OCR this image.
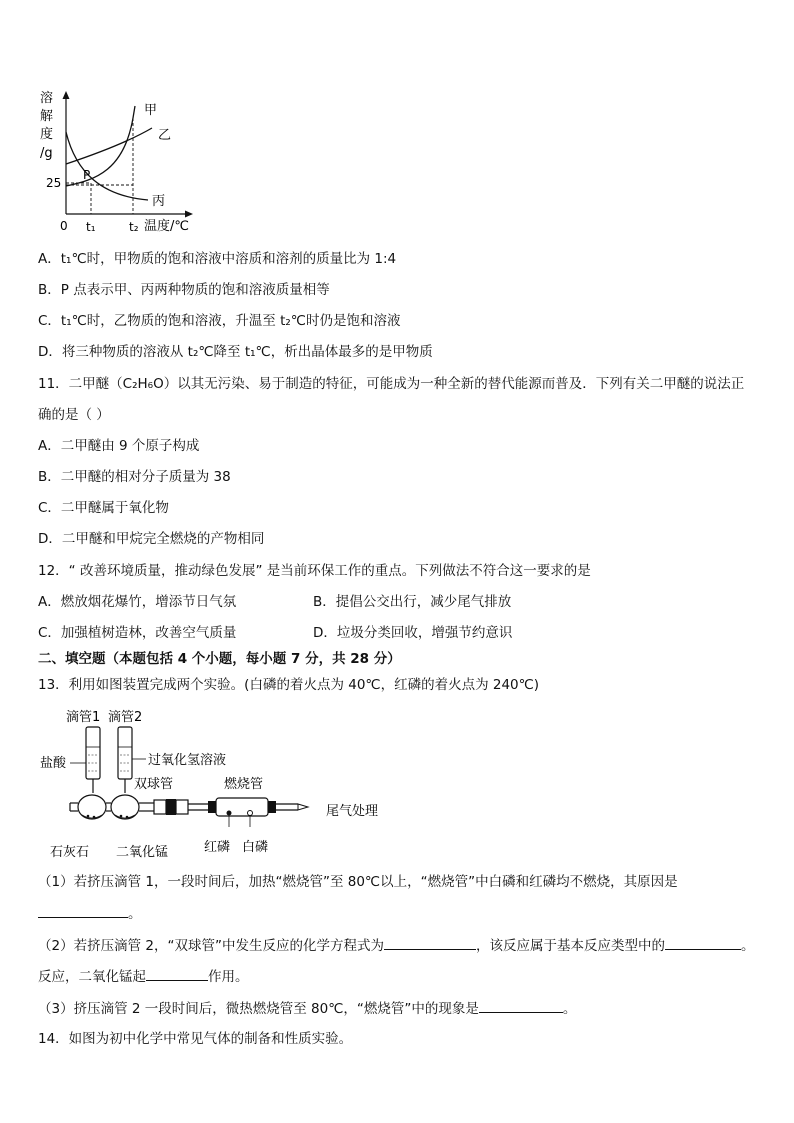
溶
解
度
/g
25
0 t₁	t₂ 温度/℃
甲
乙
丙
P
A．t₁℃时，甲物质的饱和溶液中溶质和溶剂的质量比为 1:4
B．P 点表示甲、丙两种物质的饱和溶液质量相等
C．t₁℃时，乙物质的饱和溶液，升温至 t₂℃时仍是饱和溶液
D．将三种物质的溶液从 t₂℃降至 t₁℃，析出晶体最多的是甲物质
11．二甲醚（C₂H₆O）以其无污染、易于制造的特征，可能成为一种全新的替代能源而普及．下列有关二甲醚的说法正
确的是（ ）
A．二甲醚由 9 个原子构成
B．二甲醚的相对分子质量为 38
C．二甲醚属于氧化物
D．二甲醚和甲烷完全燃烧的产物相同
12．“ 改善环境质量，推动绿色发展” 是当前环保工作的重点。下列做法不符合这一要求的是
A．燃放烟花爆竹，增添节日气氛	B．提倡公交出行，减少尾气排放
C．加强植树造林，改善空气质量	D．垃圾分类回收，增强节约意识
二、填空题（本题包括 4 个小题，每小题 7 分，共 28 分）
13．利用如图装置完成两个实验。(白磷的着火点为 40℃，红磷的着火点为 240℃)
滴管1 滴管2
盐酸	过氧化氢溶液
双球管	燃烧管
尾气处理
石灰石 二氧化锰	红磷 白磷
（1）若挤压滴管 1，一段时间后，加热“燃烧管”至 80℃以上，“燃烧管”中白磷和红磷均不燃烧，其原因是
。
（2）若挤压滴管 2，“双球管”中发生反应的化学方程式为	，该反应属于基本反应类型中的	。
反应，二氧化锰起	作用。
（3）挤压滴管 2 一段时间后，微热燃烧管至 80℃，“燃烧管”中的现象是	。
14．如图为初中化学中常见气体的制备和性质实验。
